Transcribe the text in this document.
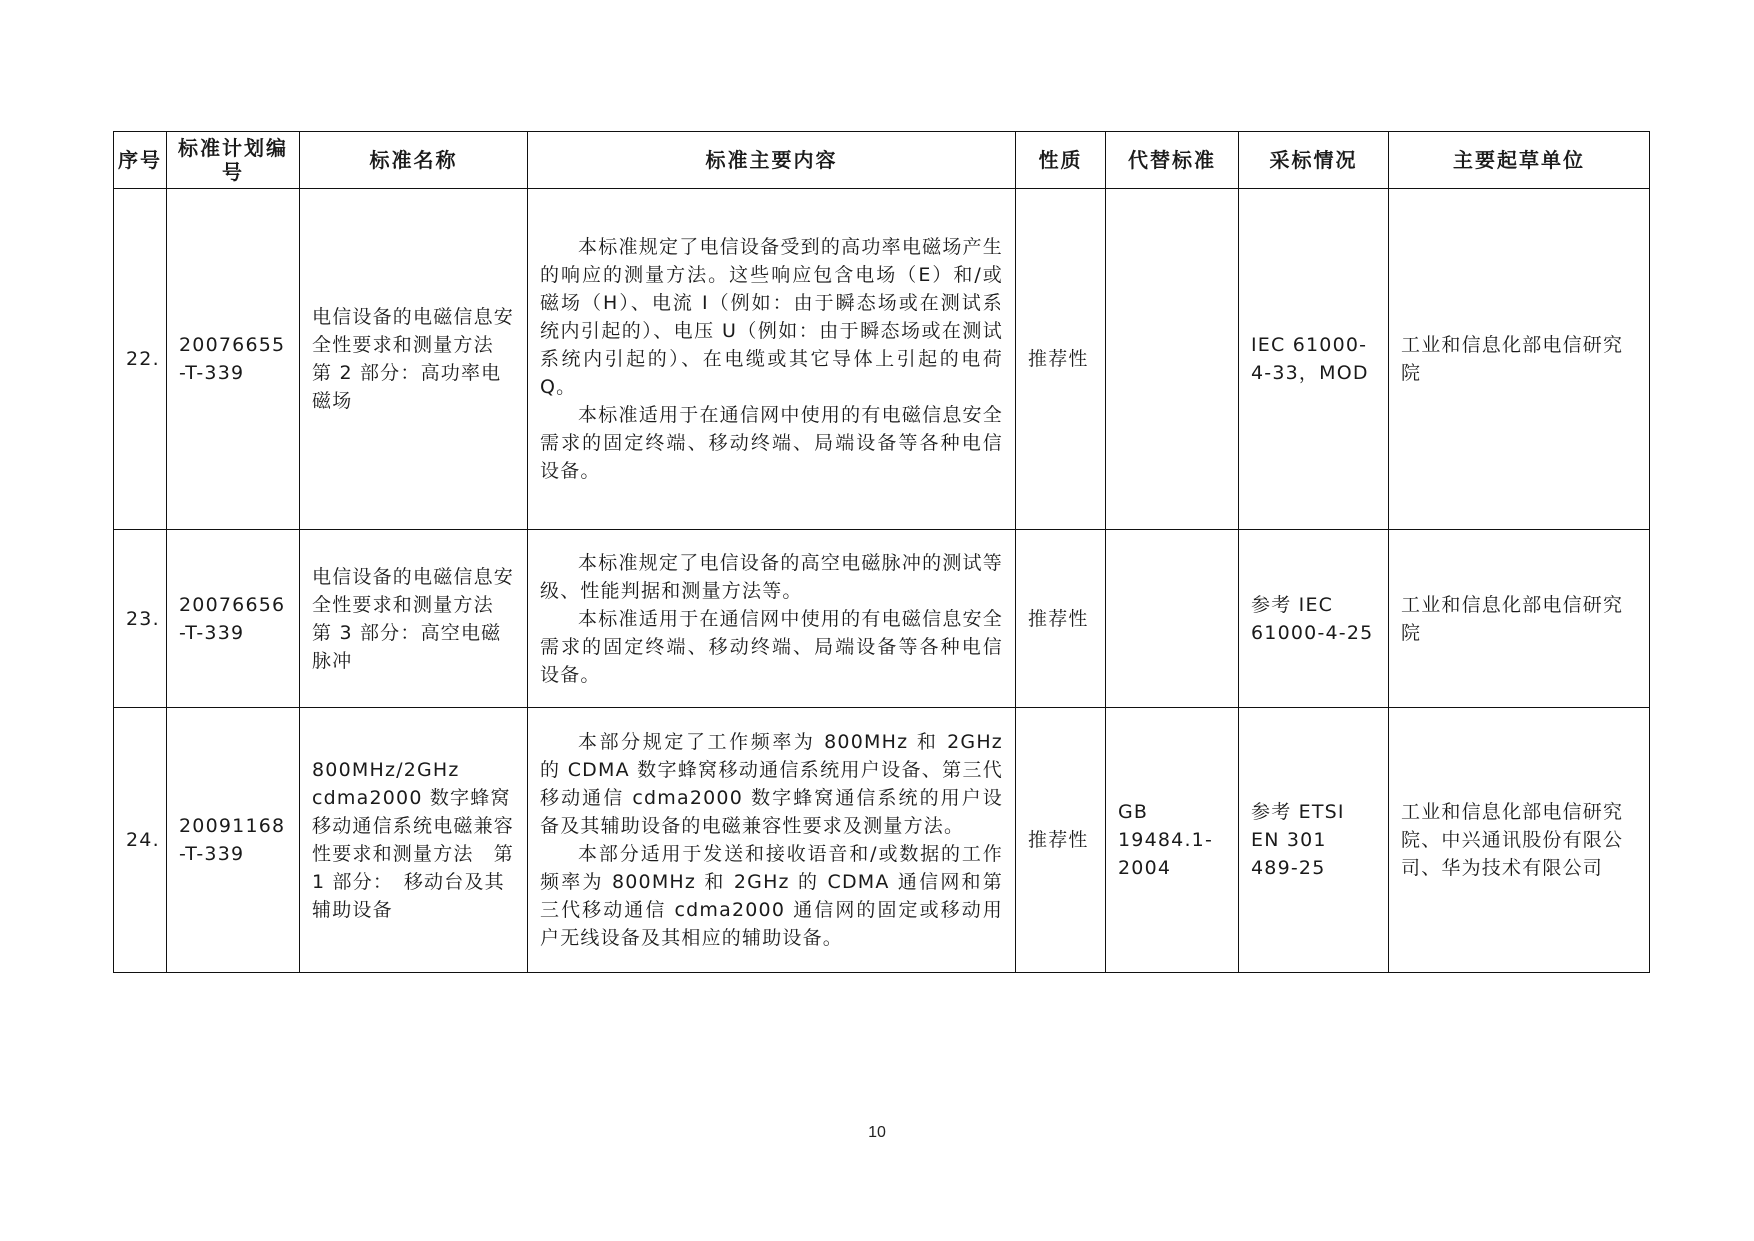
序号	标准计划编号	标准名称	标准主要内容	性质	代替标准	采标情况	主要起草单位
22.	20076655-T-339	电信设备的电磁信息安全性要求和测量方法　第 2 部分：高功率电磁场	本标准规定了电信设备受到的高功率电磁场产生的响应的测量方法。这些响应包含电场（E）和/或磁场（H）、电流 I（例如：由于瞬态场或在测试系统内引起的）、电压 U（例如：由于瞬态场或在测试系统内引起的）、在电缆或其它导体上引起的电荷Q。

本标准适用于在通信网中使用的有电磁信息安全需求的固定终端、移动终端、局端设备等各种电信设备。	推荐性		IEC 61000-4-33，MOD	工业和信息化部电信研究院
23.	20076656-T-339	电信设备的电磁信息安全性要求和测量方法　第 3 部分：高空电磁脉冲	本标准规定了电信设备的高空电磁脉冲的测试等级、性能判据和测量方法等。

本标准适用于在通信网中使用的有电磁信息安全需求的固定终端、移动终端、局端设备等各种电信设备。	推荐性		参考 IEC 61000-4-25	工业和信息化部电信研究院
24.	20091168-T-339	800MHz/2GHz cdma2000 数字蜂窝移动通信系统电磁兼容性要求和测量方法　第 1 部分：　移动台及其辅助设备	本部分规定了工作频率为 800MHz 和 2GHz 的 CDMA 数字蜂窝移动通信系统用户设备、第三代移动通信 cdma2000 数字蜂窝通信系统的用户设备及其辅助设备的电磁兼容性要求及测量方法。

本部分适用于发送和接收语音和/或数据的工作频率为 800MHz 和 2GHz 的 CDMA 通信网和第三代移动通信 cdma2000 通信网的固定或移动用户无线设备及其相应的辅助设备。	推荐性	GB 19484.1-2004	参考 ETSI EN 301 489-25	工业和信息化部电信研究院、中兴通讯股份有限公司、华为技术有限公司
10
